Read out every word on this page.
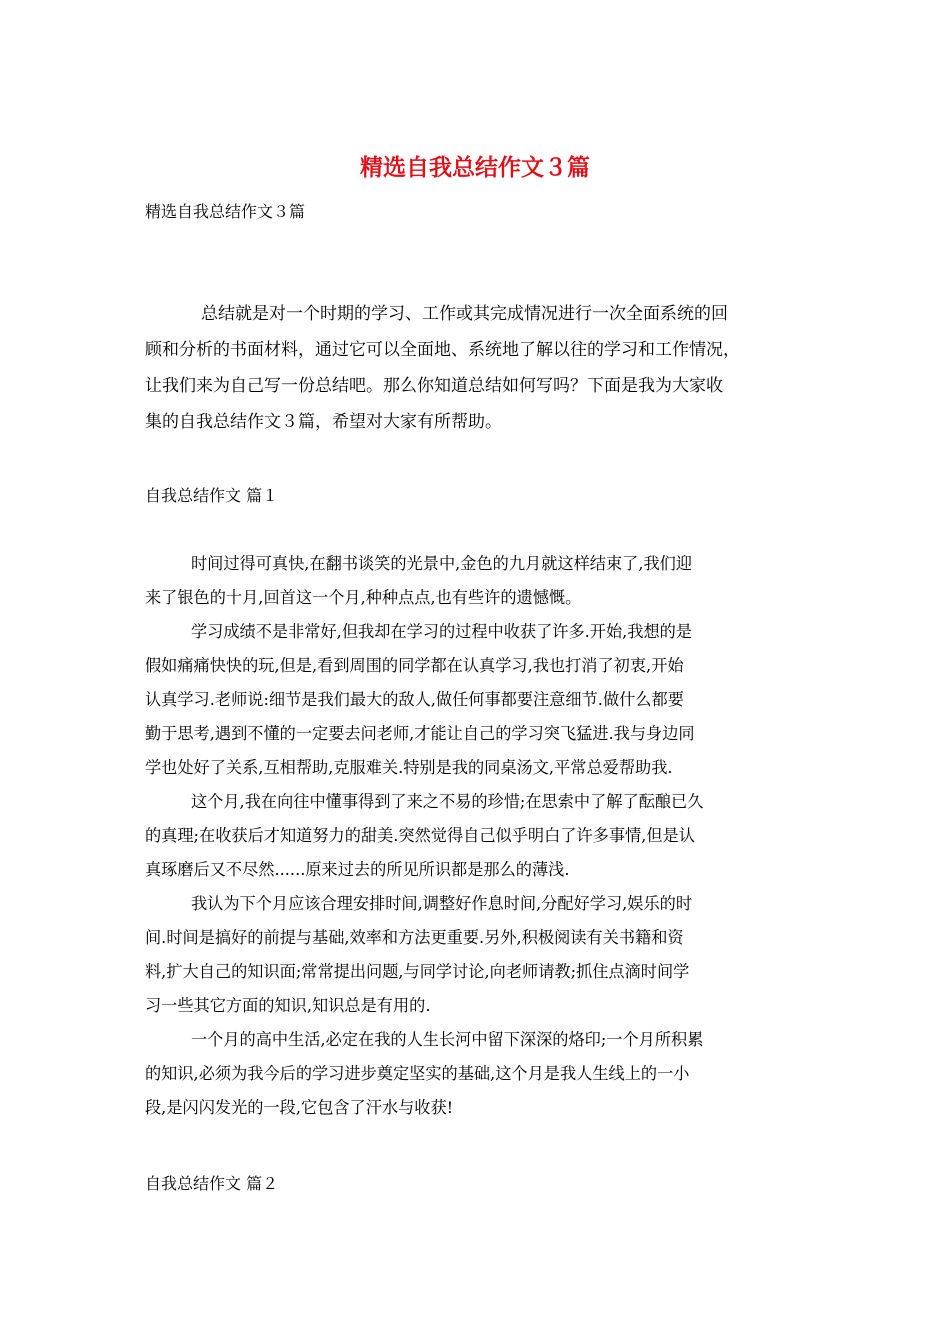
精选自我总结作文３篇
精选自我总结作文３篇
总结就是对一个时期的学习、工作或其完成情况进行一次全面系统的回
顾和分析的书面材料，通过它可以全面地、系统地了解以往的学习和工作情况，
让我们来为自己写一份总结吧。那么你知道总结如何写吗？下面是我为大家收
集的自我总结作文３篇，希望对大家有所帮助。
自我总结作文 篇１
时间过得可真快,在翻书谈笑的光景中,金色的九月就这样结束了,我们迎
来了银色的十月,回首这一个月,种种点点,也有些许的遗憾慨。
学习成绩不是非常好,但我却在学习的过程中收获了许多.开始,我想的是
假如痛痛快快的玩,但是,看到周围的同学都在认真学习,我也打消了初衷,开始
认真学习.老师说:细节是我们最大的敌人,做任何事都要注意细节.做什么都要
勤于思考,遇到不懂的一定要去问老师,才能让自己的学习突飞猛进.我与身边同
学也处好了关系,互相帮助,克服难关.特别是我的同桌汤文,平常总爱帮助我.
这个月,我在向往中懂事得到了来之不易的珍惜;在思索中了解了酝酿已久
的真理;在收获后才知道努力的甜美.突然觉得自己似乎明白了许多事情,但是认
真琢磨后又不尽然......原来过去的所见所识都是那么的薄浅.
我认为下个月应该合理安排时间,调整好作息时间,分配好学习,娱乐的时
间.时间是搞好的前提与基础,效率和方法更重要.另外,积极阅读有关书籍和资
料,扩大自己的知识面;常常提出问题,与同学讨论,向老师请教;抓住点滴时间学
习一些其它方面的知识,知识总是有用的.
一个月的高中生活,必定在我的人生长河中留下深深的烙印;一个月所积累
的知识,必须为我今后的学习进步奠定坚实的基础,这个月是我人生线上的一小
段,是闪闪发光的一段,它包含了汗水与收获!
自我总结作文 篇２
